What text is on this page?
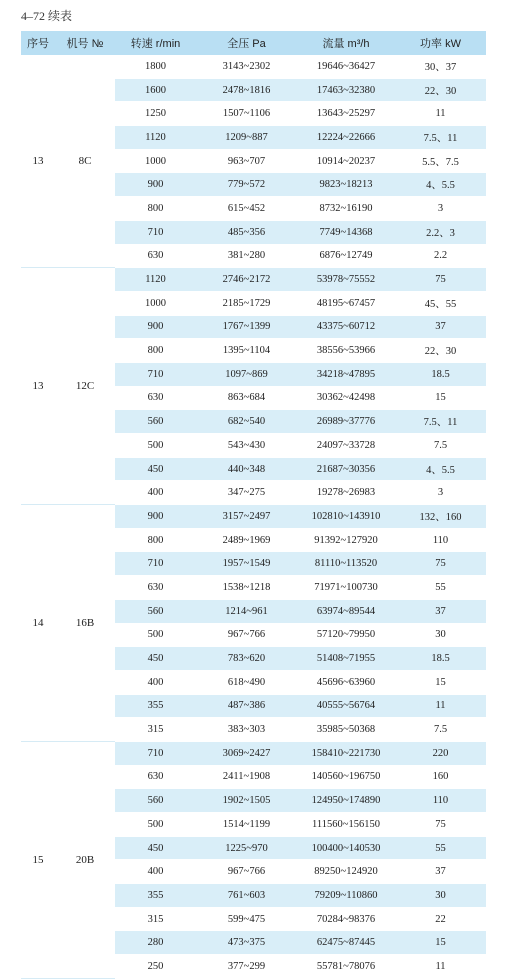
4–72 续表
序号	机号 №	转速 r/min	全压 Pa	流量 m³/h	功率 kW
13	8C	1800	3143~2302	19646~36427	30、37
		1600	2478~1816	17463~32380	22、30
		1250	1507~1106	13643~25297	11
		1120	1209~887	12224~22666	7.5、11
		1000	963~707	10914~20237	5.5、7.5
		900	779~572	9823~18213	4、5.5
		800	615~452	8732~16190	3
		710	485~356	7749~14368	2.2、3
		630	381~280	6876~12749	2.2
13	12C	1120	2746~2172	53978~75552	75
		1000	2185~1729	48195~67457	45、55
		900	1767~1399	43375~60712	37
		800	1395~1104	38556~53966	22、30
		710	1097~869	34218~47895	18.5
		630	863~684	30362~42498	15
		560	682~540	26989~37776	7.5、11
		500	543~430	24097~33728	7.5
		450	440~348	21687~30356	4、5.5
		400	347~275	19278~26983	3
14	16B	900	3157~2497	102810~143910	132、160
		800	2489~1969	91392~127920	110
		710	1957~1549	81110~113520	75
		630	1538~1218	71971~100730	55
		560	1214~961	63974~89544	37
		500	967~766	57120~79950	30
		450	783~620	51408~71955	18.5
		400	618~490	45696~63960	15
		355	487~386	40555~56764	11
		315	383~303	35985~50368	7.5
15	20B	710	3069~2427	158410~221730	220
		630	2411~1908	140560~196750	160
		560	1902~1505	124950~174890	110
		500	1514~1199	111560~156150	75
		450	1225~970	100400~140530	55
		400	967~766	89250~124920	37
		355	761~603	79209~110860	30
		315	599~475	70284~98376	22
		280	473~375	62475~87445	15
		250	377~299	55781~78076	11
